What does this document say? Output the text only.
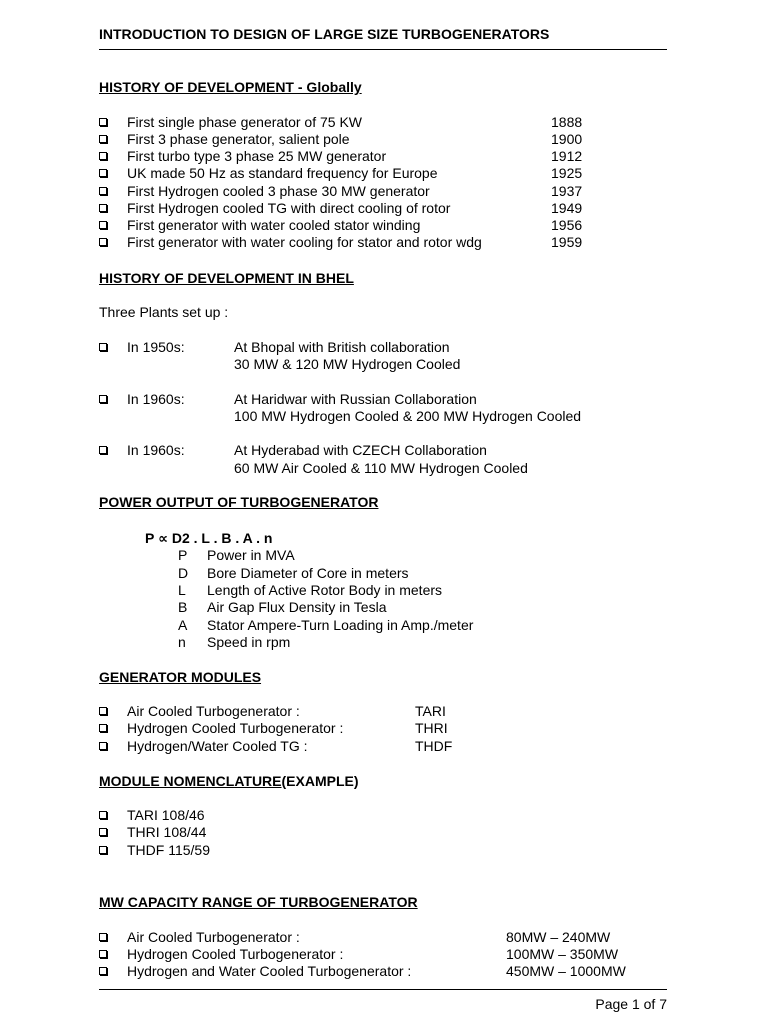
INTRODUCTION TO DESIGN OF LARGE SIZE TURBOGENERATORS
HISTORY OF DEVELOPMENT - Globally
First single phase generator of 75 KW	1888
First 3 phase generator, salient pole	1900
First turbo type 3 phase 25 MW generator	1912
UK made 50 Hz as standard frequency for Europe	1925
First Hydrogen cooled 3 phase 30 MW generator	1937
First Hydrogen cooled TG with direct cooling of rotor	1949
First generator with water cooled stator winding	1956
First generator with water cooling for stator and rotor wdg	1959
HISTORY OF DEVELOPMENT IN BHEL
Three Plants set up :
In 1950s:	At Bhopal with British collaboration
30 MW & 120 MW Hydrogen Cooled
In 1960s:	At Haridwar with Russian Collaboration
100 MW Hydrogen Cooled & 200 MW Hydrogen Cooled
In 1960s:	At Hyderabad with CZECH Collaboration
60 MW Air Cooled & 110 MW Hydrogen Cooled
POWER OUTPUT OF TURBOGENERATOR
P ∝ D2 . L . B . A . n
P	Power in MVA
D	Bore Diameter of Core in meters
L	Length of Active Rotor Body in meters
B	Air Gap Flux Density in Tesla
A	Stator Ampere-Turn Loading in Amp./meter
n	Speed in rpm
GENERATOR MODULES
Air Cooled Turbogenerator :	TARI
Hydrogen Cooled Turbogenerator :	THRI
Hydrogen/Water Cooled TG :	THDF
MODULE NOMENCLATURE(EXAMPLE)
TARI 108/46
THRI 108/44
THDF 115/59
MW CAPACITY RANGE OF TURBOGENERATOR
Air Cooled Turbogenerator :	80MW – 240MW
Hydrogen Cooled Turbogenerator :	100MW – 350MW
Hydrogen and Water Cooled Turbogenerator :	450MW – 1000MW
Page 1 of 7
